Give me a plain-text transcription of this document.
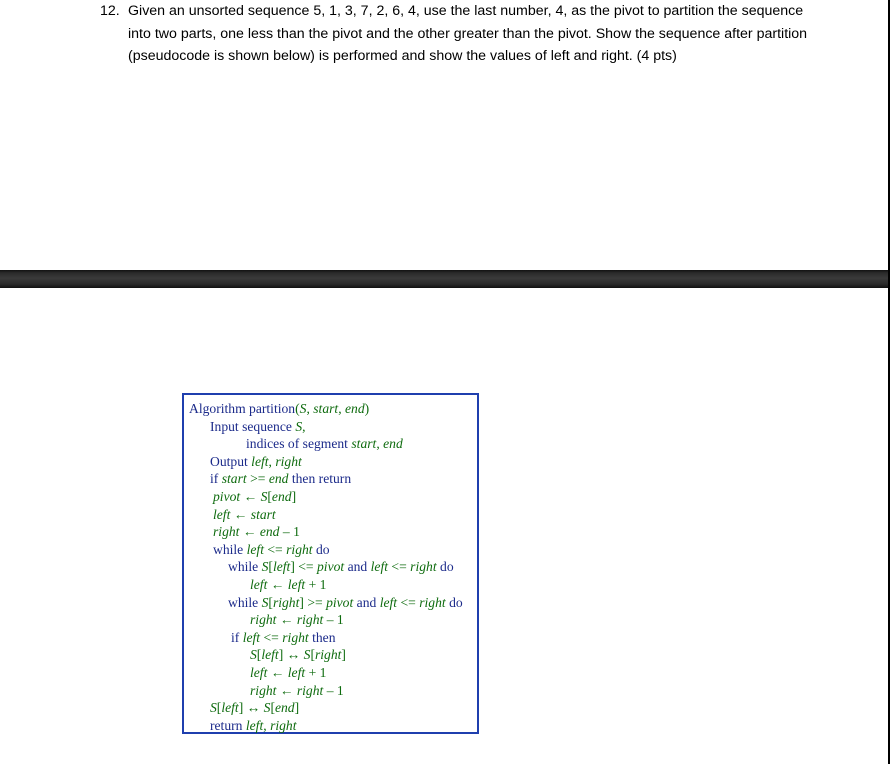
12. Given an unsorted sequence 5, 1, 3, 7, 2, 6, 4, use the last number, 4, as the pivot to partition the sequence into two parts, one less than the pivot and the other greater than the pivot. Show the sequence after partition (pseudocode is shown below) is performed and show the values of left and right. (4 pts)
Algorithm partition(S, start, end)
Input sequence S,
indices of segment start, end
Output left, right
if start >= end then return
pivot ← S[end]
left ← start
right ← end – 1
while left <= right do
while S[left] <= pivot and left <= right do
left ← left + 1
while S[right] >= pivot and left <= right do
right ← right – 1
if left <= right then
S[left] ↔ S[right]
left ← left + 1
right ← right – 1
S[left] ↔ S[end]
return left, right
